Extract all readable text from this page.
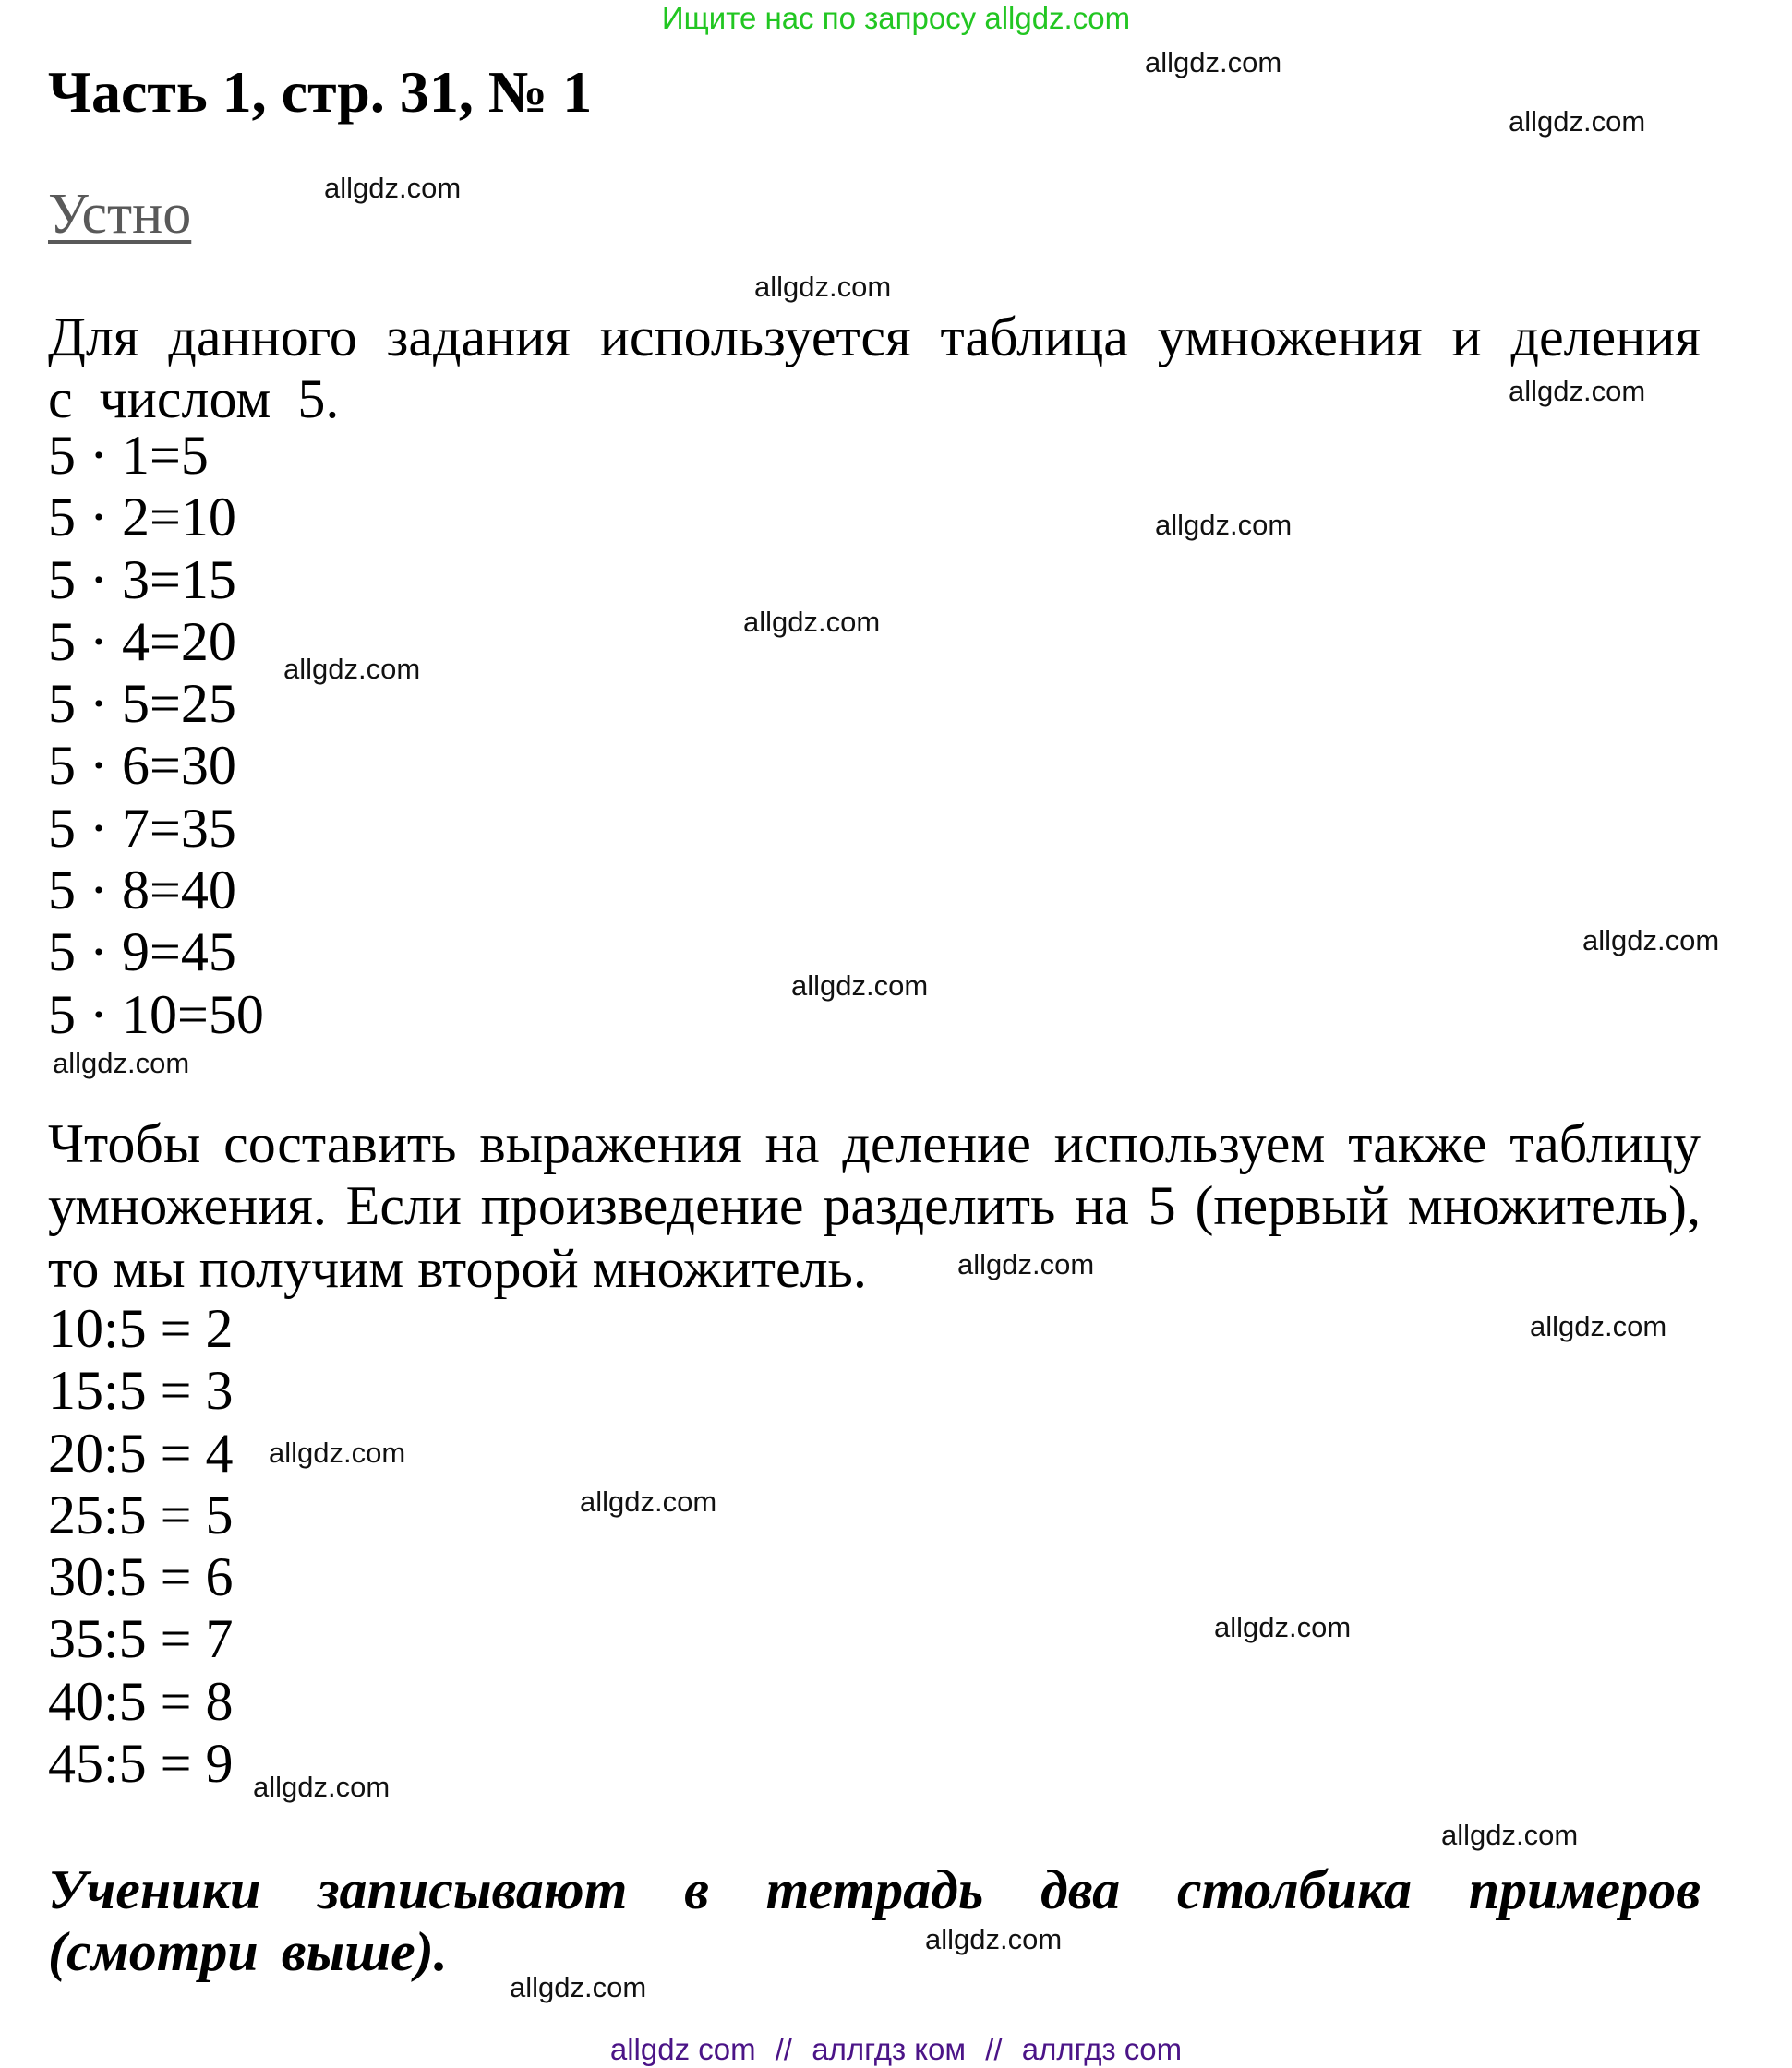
Ищите нас по запросу allgdz.com
Часть 1, стр. 31, № 1
Устно
Для данного задания используется таблица умножения и деления с числом 5.
5 · 1=5
5 · 2=10
5 · 3=15
5 · 4=20
5 · 5=25
5 · 6=30
5 · 7=35
5 · 8=40
5 · 9=45
5 · 10=50
Чтобы составить выражения на деление используем также таблицу умножения. Если произведение разделить на 5 (первый множитель), то мы получим второй множитель.
10:5 = 2
15:5 = 3
20:5 = 4
25:5 = 5
30:5 = 6
35:5 = 7
40:5 = 8
45:5 = 9
Ученики записывают в тетрадь два столбика примеров (смотри выше).
allgdz.com
allgdz.com
allgdz.com
allgdz.com
allgdz.com
allgdz.com
allgdz.com
allgdz.com
allgdz.com
allgdz.com
allgdz.com
allgdz.com
allgdz.com
allgdz.com
allgdz.com
allgdz.com
allgdz.com
allgdz.com
allgdz.com
allgdz.com
allgdz com // аллгдз ком // аллгдз com
